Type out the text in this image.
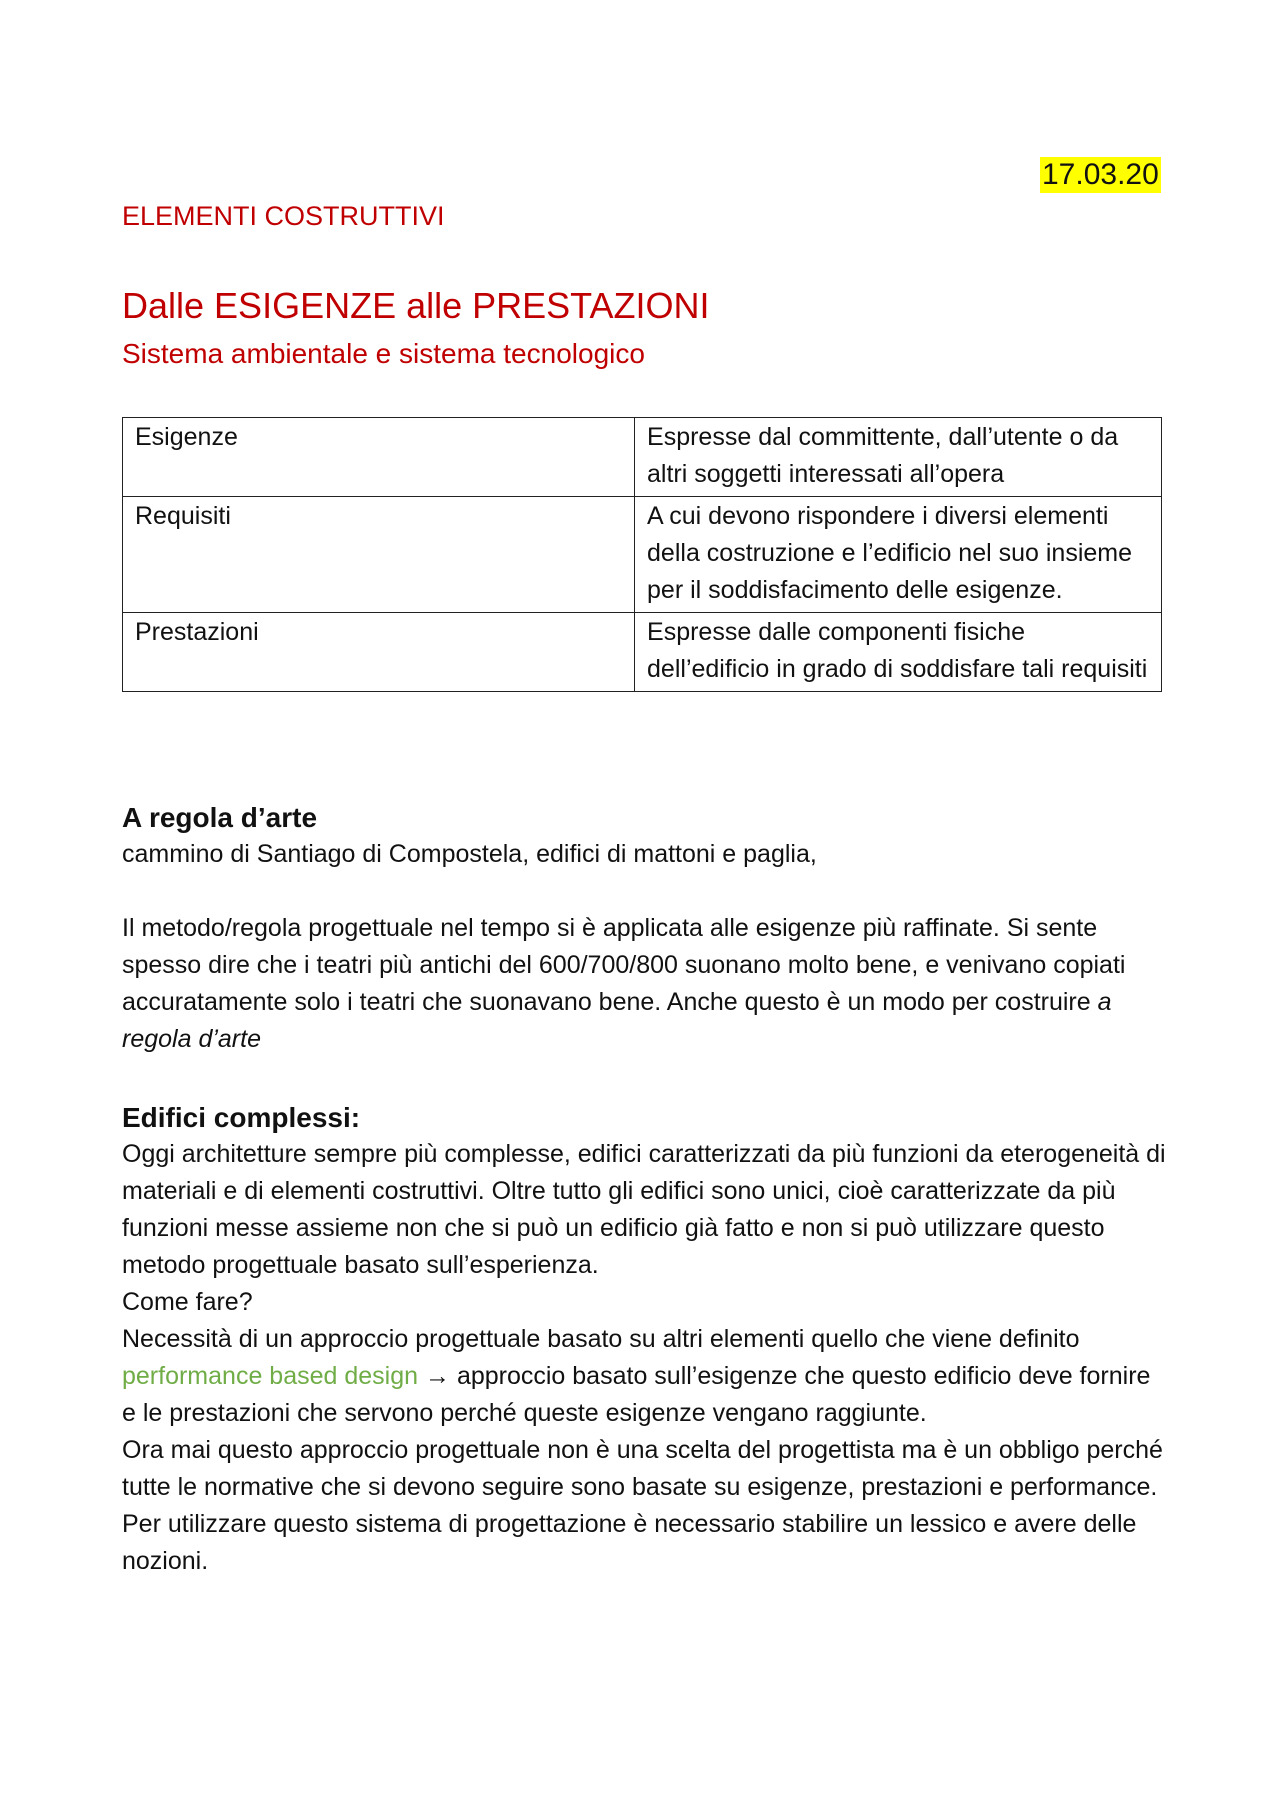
17.03.20
ELEMENTI COSTRUTTIVI
Dalle ESIGENZE alle PRESTAZIONI
Sistema ambientale e sistema tecnologico
Esigenze	Espresse dal committente, dall’utente o da altri soggetti interessati all’opera
Requisiti	A cui devono rispondere i diversi elementi della costruzione e l’edificio nel suo insieme per il soddisfacimento delle esigenze.
Prestazioni	Espresse dalle componenti fisiche dell’edificio in grado di soddisfare tali requisiti
A regola d’arte

cammino di Santiago di Compostela, edifici di mattoni e paglia,

Il metodo/regola progettuale nel tempo si è applicata alle esigenze più raffinate. Si sente spesso dire che i teatri più antichi del 600/700/800 suonano molto bene, e venivano copiati accuratamente solo i teatri che suonavano bene. Anche questo è un modo per costruire a regola d’arte

Edifici complessi:

Oggi architetture sempre più complesse, edifici caratterizzati da più funzioni da eterogeneità di materiali e di elementi costruttivi. Oltre tutto gli edifici sono unici, cioè caratterizzate da più funzioni messe assieme non che si può un edificio già fatto e non si può utilizzare questo metodo progettuale basato sull’esperienza.

Come fare?

Necessità di un approccio progettuale basato su altri elementi quello che viene definito performance based design → approccio basato sull’esigenze che questo edificio deve fornire e le prestazioni che servono perché queste esigenze vengano raggiunte.

Ora mai questo approccio progettuale non è una scelta del progettista ma è un obbligo perché tutte le normative che si devono seguire sono basate su esigenze, prestazioni e performance.

Per utilizzare questo sistema di progettazione è necessario stabilire un lessico e avere delle nozioni.
